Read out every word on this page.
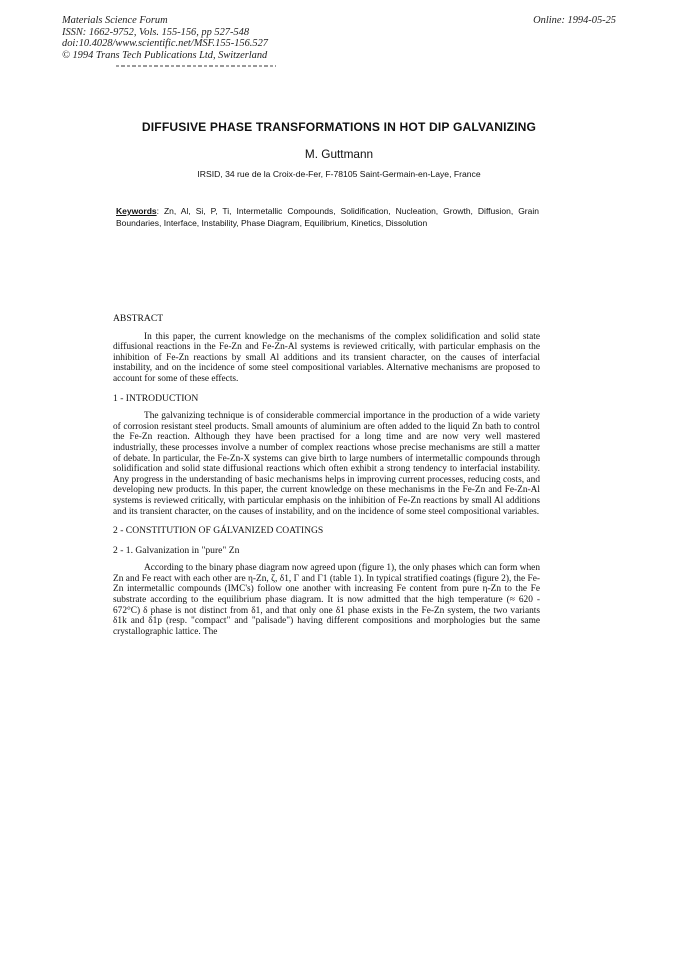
Materials Science Forum
ISSN: 1662-9752, Vols. 155-156, pp 527-548
doi:10.4028/www.scientific.net/MSF.155-156.527
© 1994 Trans Tech Publications Ltd, Switzerland
Online: 1994-05-25
DIFFUSIVE PHASE TRANSFORMATIONS IN HOT DIP GALVANIZING
M. Guttmann
IRSID, 34 rue de la Croix-de-Fer, F-78105 Saint-Germain-en-Laye, France
Keywords: Zn, Al, Si, P, Ti, Intermetallic Compounds, Solidification, Nucleation, Growth, Diffusion, Grain Boundaries, Interface, Instability, Phase Diagram, Equilibrium, Kinetics, Dissolution
ABSTRACT

In this paper, the current knowledge on the mechanisms of the complex solidification and solid state diffusional reactions in the Fe-Zn and Fe-Zn-Al systems is reviewed critically, with particular emphasis on the inhibition of Fe-Zn reactions by small Al additions and its transient character, on the causes of interfacial instability, and on the incidence of some steel compositional variables. Alternative mechanisms are proposed to account for some of these effects.

1 - INTRODUCTION

The galvanizing technique is of considerable commercial importance in the production of a wide variety of corrosion resistant steel products. Small amounts of aluminium are often added to the liquid Zn bath to control the Fe-Zn reaction. Although they have been practised for a long time and are now very well mastered industrially, these processes involve a number of complex reactions whose precise mechanisms are still a matter of debate. In particular, the Fe-Zn-X systems can give birth to large numbers of intermetallic compounds through solidification and solid state diffusional reactions which often exhibit a strong tendency to interfacial instability. Any progress in the understanding of basic mechanisms helps in improving current processes, reducing costs, and developing new products. In this paper, the current knowledge on these mechanisms in the Fe-Zn and Fe-Zn-Al systems is reviewed critically, with particular emphasis on the inhibition of Fe-Zn reactions by small Al additions and its transient character, on the causes of instability, and on the incidence of some steel compositional variables.

2 - CONSTITUTION OF GÁLVANIZED COATINGS
2 - 1. Galvanization in "pure" Zn

According to the binary phase diagram now agreed upon (figure 1), the only phases which can form when Zn and Fe react with each other are η-Zn, ζ, δ1, Γ and Γ1 (table 1). In typical stratified coatings (figure 2), the Fe-Zn intermetallic compounds (IMC's) follow one another with increasing Fe content from pure η-Zn to the Fe substrate according to the equilibrium phase diagram. It is now admitted that the high temperature (≈ 620 - 672°C) δ phase is not distinct from δ1, and that only one δ1 phase exists in the Fe-Zn system, the two variants δ1k and δ1p (resp. "compact" and "palisade") having different compositions and morphologies but the same crystallographic lattice. The
